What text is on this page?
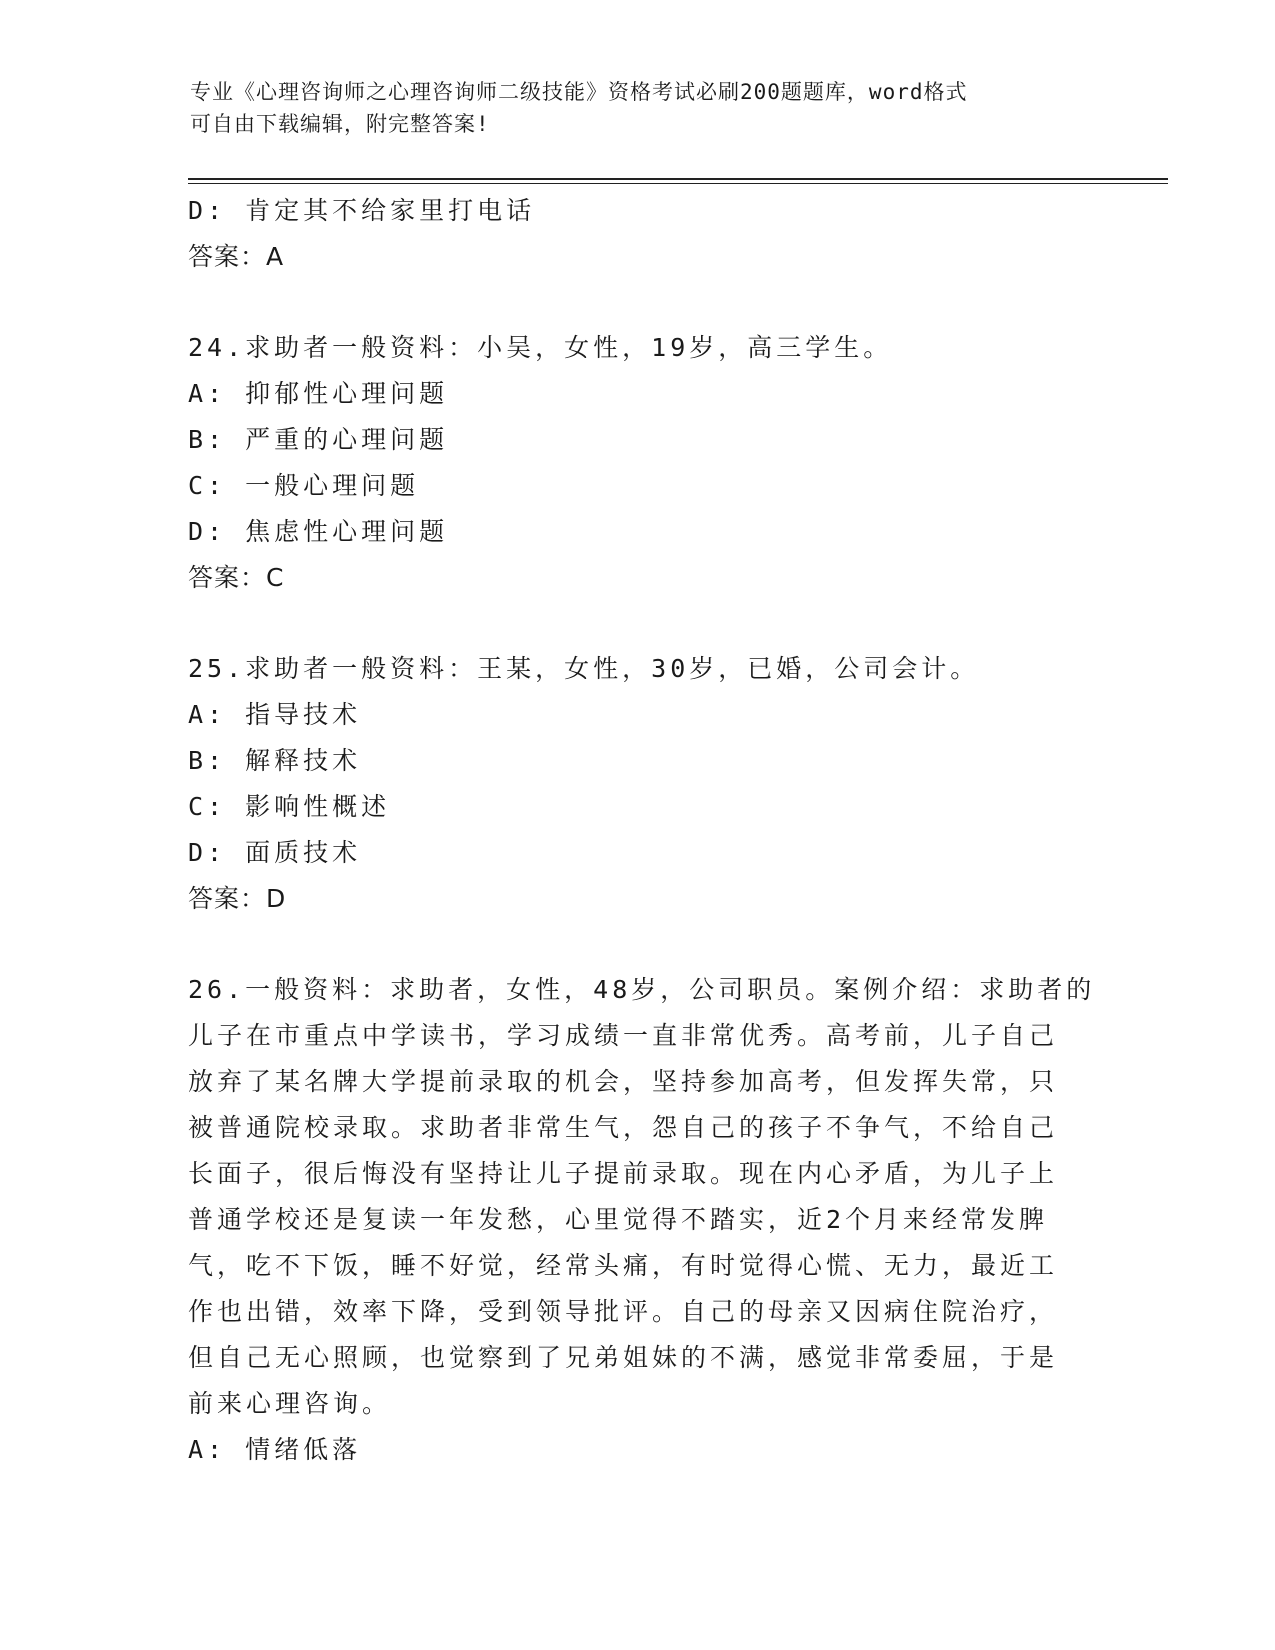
专业《心理咨询师之心理咨询师二级技能》资格考试必刷200题题库，word格式
可自由下载编辑，附完整答案!
D: 肯定其不给家里打电话
答案：A
24.求助者一般资料：小吴，女性，19岁，高三学生。
A: 抑郁性心理问题
B: 严重的心理问题
C: 一般心理问题
D: 焦虑性心理问题
答案：C
25.求助者一般资料：王某，女性，30岁，已婚，公司会计。
A: 指导技术
B: 解释技术
C: 影响性概述
D: 面质技术
答案：D
26.一般资料：求助者，女性，48岁，公司职员。案例介绍：求助者的
儿子在市重点中学读书，学习成绩一直非常优秀。高考前，儿子自己
放弃了某名牌大学提前录取的机会，坚持参加高考，但发挥失常，只
被普通院校录取。求助者非常生气，怨自己的孩子不争气，不给自己
长面子，很后悔没有坚持让儿子提前录取。现在内心矛盾，为儿子上
普通学校还是复读一年发愁，心里觉得不踏实，近2个月来经常发脾
气，吃不下饭，睡不好觉，经常头痛，有时觉得心慌、无力，最近工
作也出错，效率下降，受到领导批评。自己的母亲又因病住院治疗，
但自己无心照顾，也觉察到了兄弟姐妹的不满，感觉非常委屈，于是
前来心理咨询。
A: 情绪低落
